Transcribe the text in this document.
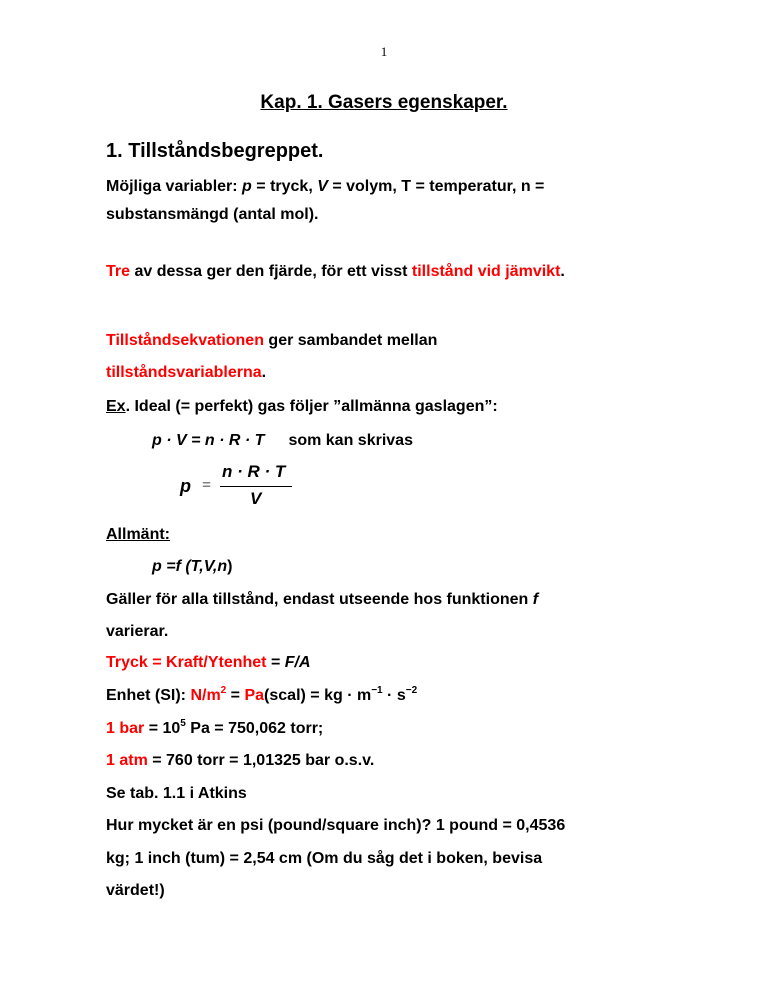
1
Kap. 1. Gasers egenskaper.
1. Tillståndsbegreppet.
Möjliga variabler: p = tryck, V = volym, T = temperatur, n =
substansmängd (antal mol).
Tre av dessa ger den fjärde, för ett visst tillstånd vid jämvikt.
Tillståndsekvationen ger sambandet mellan
tillståndsvariablerna.
Ex. Ideal (= perfekt) gas följer ”allmänna gaslagen”:
p · V = n · R · T som kan skrivas
p =
n · R · T
V
Allmänt:
p =f (T,V,n)
Gäller för alla tillstånd, endast utseende hos funktionen f
varierar.
Tryck = Kraft/Ytenhet = F/A
Enhet (SI): $N/m^2$ = Pa(scal) = kg · $m^{-1} \cdot s^{-2}$
1 bar = $10^5$ Pa = 750,062 torr;
1 atm = 760 torr = 1,01325 bar o.s.v.
Se tab. 1.1 i Atkins
Hur mycket är en psi (pound/square inch)? 1 pound = 0,4536
kg; 1 inch (tum) = 2,54 cm (Om du såg det i boken, bevisa
värdet!)
